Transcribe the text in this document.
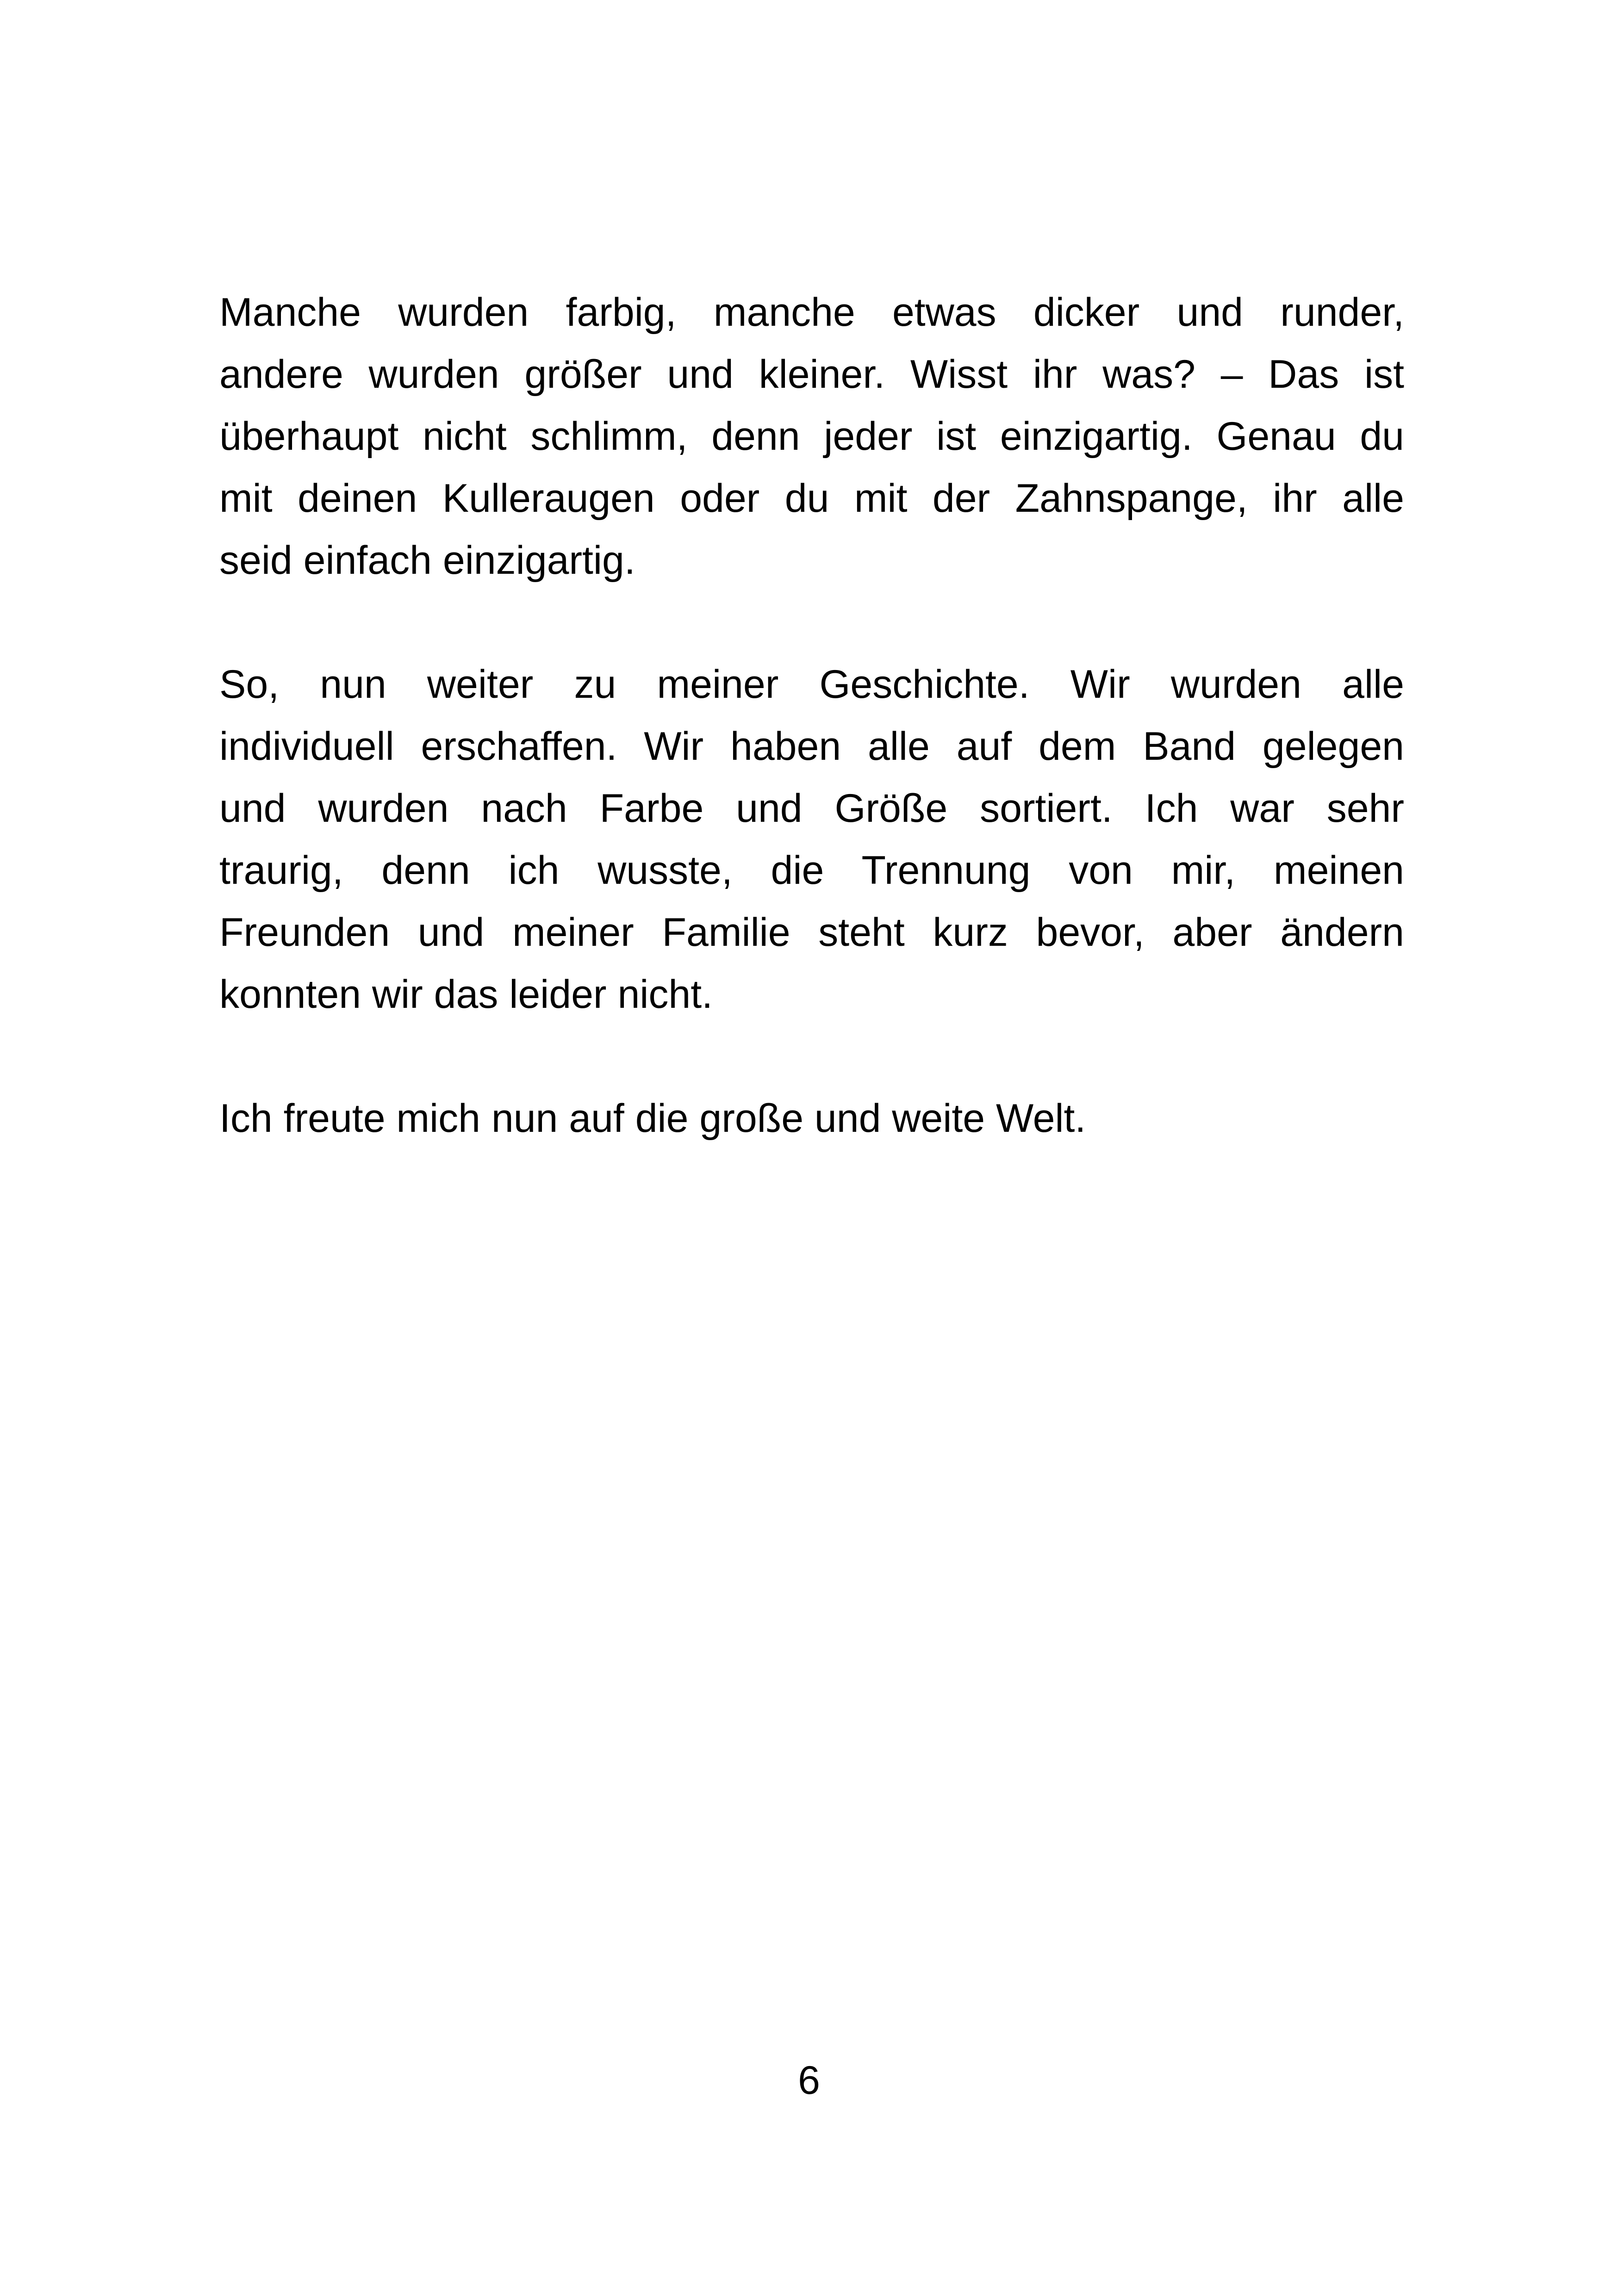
Manche wurden farbig, manche etwas dicker und runder,
andere wurden größer und kleiner. Wisst ihr was? – Das ist
überhaupt nicht schlimm, denn jeder ist einzigartig. Genau du
mit deinen Kulleraugen oder du mit der Zahnspange, ihr alle
seid einfach einzigartig.

So, nun weiter zu meiner Geschichte. Wir wurden alle
individuell erschaffen. Wir haben alle auf dem Band gelegen
und wurden nach Farbe und Größe sortiert. Ich war sehr
traurig, denn ich wusste, die Trennung von mir, meinen
Freunden und meiner Familie steht kurz bevor, aber ändern
konnten wir das leider nicht.

Ich freute mich nun auf die große und weite Welt.

6
